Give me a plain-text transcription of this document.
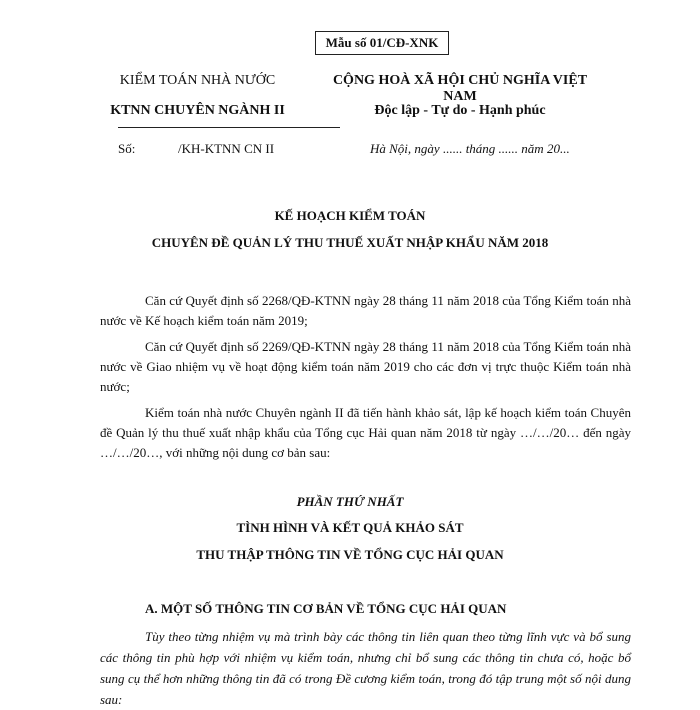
Mẫu số 01/CĐ-XNK
KIỂM TOÁN NHÀ NƯỚC
KTNN CHUYÊN NGÀNH II
CỘNG HOÀ XÃ HỘI CHỦ NGHĨA VIỆT NAM
Độc lập - Tự do - Hạnh phúc
Số:	/KH-KTNN CN II	Hà Nội, ngày ...... tháng ...... năm 20...
KẾ HOẠCH KIỂM TOÁN
CHUYÊN ĐỀ QUẢN LÝ THU THUẾ XUẤT NHẬP KHẨU NĂM 2018
Căn cứ Quyết định số 2268/QĐ-KTNN ngày 28 tháng 11 năm 2018 của Tổng Kiểm toán nhà nước về Kế hoạch kiểm toán năm 2019;
Căn cứ Quyết định số 2269/QĐ-KTNN ngày 28 tháng 11 năm 2018 của Tổng Kiểm toán nhà nước về Giao nhiệm vụ về hoạt động kiểm toán năm 2019 cho các đơn vị trực thuộc Kiểm toán nhà nước;
Kiểm toán nhà nước Chuyên ngành II đã tiến hành khảo sát, lập kế hoạch kiểm toán Chuyên đề Quản lý thu thuế xuất nhập khẩu của Tổng cục Hải quan năm 2018 từ ngày …/…/20… đến ngày …/…/20…, với những nội dung cơ bản sau:
PHẦN THỨ NHẤT
TÌNH HÌNH VÀ KẾT QUẢ KHẢO SÁT
THU THẬP THÔNG TIN VỀ TỔNG CỤC HẢI QUAN
A. MỘT SỐ THÔNG TIN CƠ BẢN VỀ TỔNG CỤC HẢI QUAN
Tùy theo từng nhiệm vụ mà trình bày các thông tin liên quan theo từng lĩnh vực và bổ sung các thông tin phù hợp với nhiệm vụ kiểm toán, nhưng chỉ bổ sung các thông tin chưa có, hoặc bổ sung cụ thể hơn những thông tin đã có trong Đề cương kiểm toán, trong đó tập trung một số nội dung sau:
